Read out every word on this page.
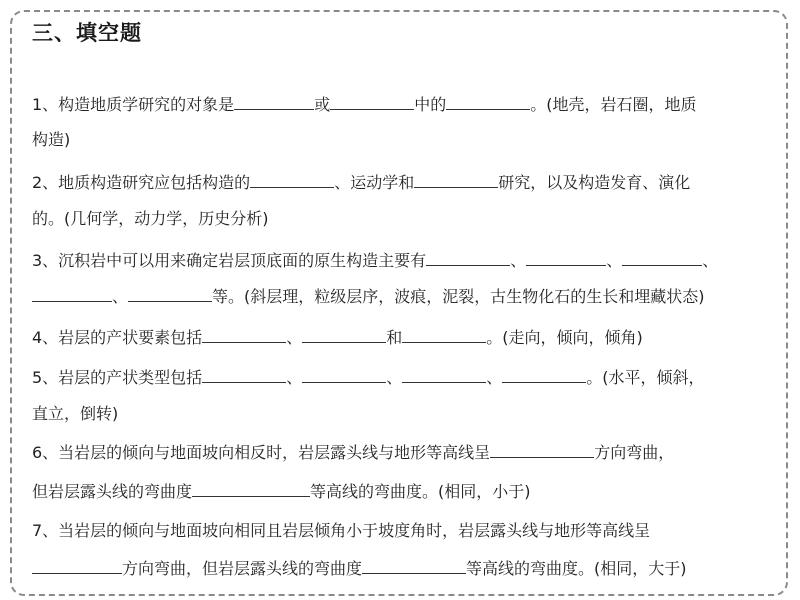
三、填空题
1、构造地质学研究的对象是	或	中的	。(地壳，岩石圈，地质
构造)
2、地质构造研究应包括构造的	、运动学和	研究，以及构造发育、演化
的。(几何学，动力学，历史分析)
3、沉积岩中可以用来确定岩层顶底面的原生构造主要有	、	、	、
、	等。(斜层理，粒级层序，波痕，泥裂，古生物化石的生长和埋藏状态)
4、岩层的产状要素包括	、	和	。(走向，倾向，倾角)
5、岩层的产状类型包括	、	、	、	。(水平，倾斜，
直立，倒转)
6、当岩层的倾向与地面坡向相反时，岩层露头线与地形等高线呈	方向弯曲，
但岩层露头线的弯曲度	等高线的弯曲度。(相同，小于)
7、当岩层的倾向与地面坡向相同且岩层倾角小于坡度角时，岩层露头线与地形等高线呈
方向弯曲，但岩层露头线的弯曲度	等高线的弯曲度。(相同，大于)
